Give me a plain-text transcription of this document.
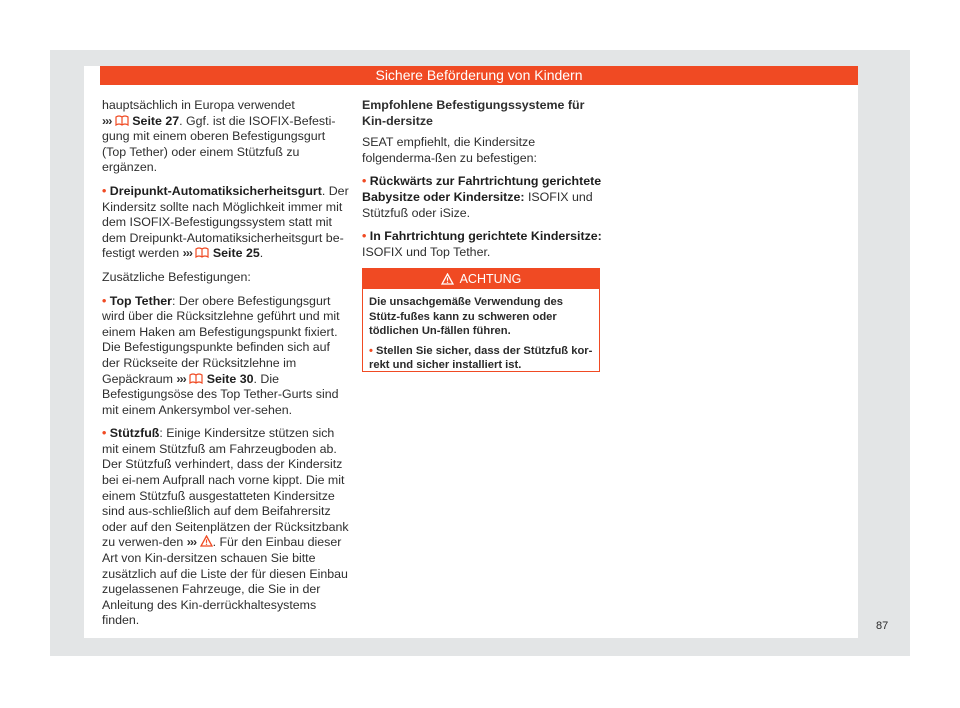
Sichere Beförderung von Kindern

hauptsächlich in Europa verwendet
››› Seite 27. Ggf. ist die ISOFIX-Befesti-gung mit einem oberen Befestigungsgurt (Top Tether) oder einem Stützfuß zu ergänzen.

• Dreipunkt-Automatiksicherheitsgurt. Der Kindersitz sollte nach Möglichkeit immer mit dem ISOFIX-Befestigungssystem statt mit dem Dreipunkt-Automatiksicherheitsgurt be-festigt werden ››› Seite 25.

Zusätzliche Befestigungen:

• Top Tether: Der obere Befestigungsgurt wird über die Rücksitzlehne geführt und mit einem Haken am Befestigungspunkt fixiert. Die Befestigungspunkte befinden sich auf der Rückseite der Rücksitzlehne im Gepäckraum ››› Seite 30. Die Befestigungsöse des Top Tether-Gurts sind mit einem Ankersymbol ver-sehen.

• Stützfuß: Einige Kindersitze stützen sich mit einem Stützfuß am Fahrzeugboden ab. Der Stützfuß verhindert, dass der Kindersitz bei ei-nem Aufprall nach vorne kippt. Die mit einem Stützfuß ausgestatteten Kindersitze sind aus-schließlich auf dem Beifahrersitz oder auf den Seitenplätzen der Rücksitzbank zu verwen-den ››› . Für den Einbau dieser Art von Kin-dersitzen schauen Sie bitte zusätzlich auf die Liste der für diesen Einbau zugelassenen Fahrzeuge, die Sie in der Anleitung des Kin-derrückhaltesystems finden.

Empfohlene Befestigungssysteme für Kin-dersitze

SEAT empfiehlt, die Kindersitze folgenderma-ßen zu befestigen:

• Rückwärts zur Fahrtrichtung gerichtete Babysitze oder Kindersitze: ISOFIX und Stützfuß oder iSize.

• In Fahrtrichtung gerichtete Kindersitze: ISOFIX und Top Tether.

ACHTUNG

Die unsachgemäße Verwendung des Stütz-fußes kann zu schweren oder tödlichen Un-fällen führen.

• Stellen Sie sicher, dass der Stützfuß kor-rekt und sicher installiert ist.

87
